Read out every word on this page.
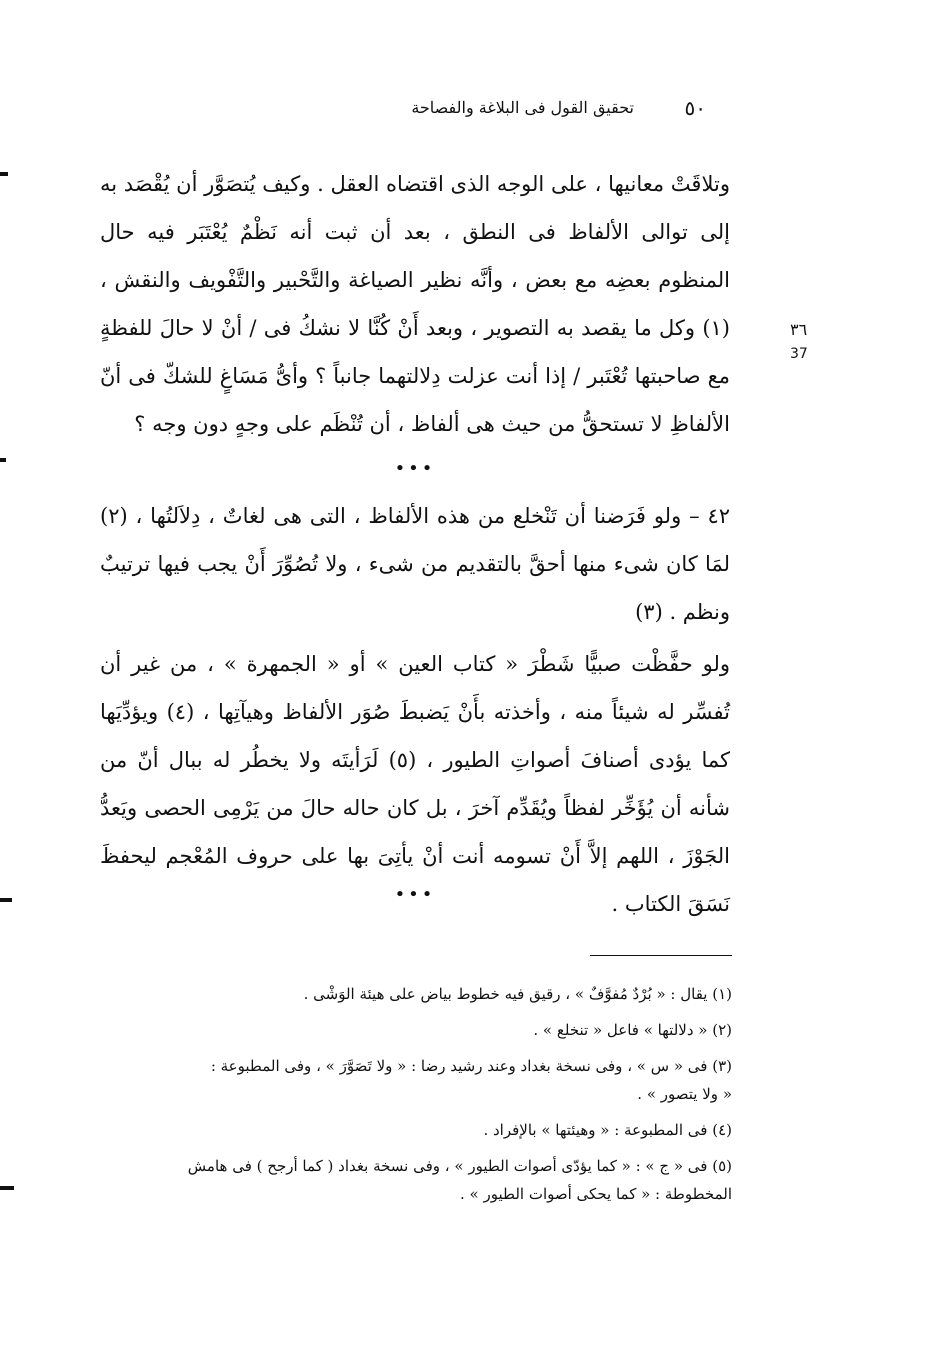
٥٠
تحقيق القول فى البلاغة والفصاحة
٣٦
37
وتلاقَتْ معانيها ، على الوجه الذى اقتضاه العقل . وكيف يُتصَوَّر أن يُقْصَد به إلى توالى الألفاظ فى النطق ، بعد أن ثبت أنه نَظْمٌ يُعْتَبَر فيه حال المنظوم بعضِه مع بعض ، وأنَّه نظير الصياغة والتَّحْبير والتَّفْويف والنقش ، (١) وكل ما يقصد به التصوير ، وبعد أَنْ كُنَّا لا نشكُ فى / أنْ لا حالَ للفظةٍ مع صاحبتها تُعْتَبر / إذا أنت عزلت دِلالتهما جانباً ؟ وأىُّ مَسَاغٍ للشكّ فى أنّ الألفاظِ لا تستحقُّ من حيث هى ألفاظ ، أن تُنْظَم على وجهٍ دون وجه ؟
•••
٤٢ – ولو فَرَضنا أن تَنْخلع من هذه الألفاظ ، التى هى لغاتٌ ، دِلاَلتُها ، (٢) لمَا كان شىء منها أحقَّ بالتقديم من شىء ، ولا تُصُوِّرَ أَنْ يجب فيها ترتيبٌ ونظم . (٣)
ولو حفَّظْت صبيًّا شَطْرَ « كتاب العين » أو « الجمهرة » ، من غير أن تُفسِّر له شيئاً منه ، وأخذته بأَنْ يَضبطَ صُوَر الألفاظ وهيآتِها ، (٤) ويؤدِّيَها كما يؤدى أصنافَ أصواتِ الطيور ، (٥) لَرَأيتَه ولا يخطُر له ببال أنّ من شأنه أن يُؤَخِّر لفظاً ويُقَدِّم آخرَ ، بل كان حاله حالَ من يَرْمِى الحصى ويَعدُّ الجَوْزَ ، اللهم إلاَّ أَنْ تسومه أنت أنْ يأتِىَ بها على حروف المُعْجم ليحفظَ نَسَقَ الكتاب .
•••
(١) يقال : « بُرْدٌ مُفوَّفٌ » ، رقيق فيه خطوط بياض على هيئة الوَشْى .
(٢) « دلالتها » فاعل « تنخلع » .
(٣) فى « س » ، وفى نسخة بغداد وعند رشيد رضا : « ولا تَصَوَّرَ » ، وفى المطبوعة :
« ولا يتصور » .
(٤) فى المطبوعة : « وهيئتها » بالإفراد .
(٥) فى « ج » : « كما يؤدّى أصوات الطيور » ، وفى نسخة بغداد ( كما أرجح ) فى هامش
المخطوطة : « كما يحكى أصوات الطيور » .
